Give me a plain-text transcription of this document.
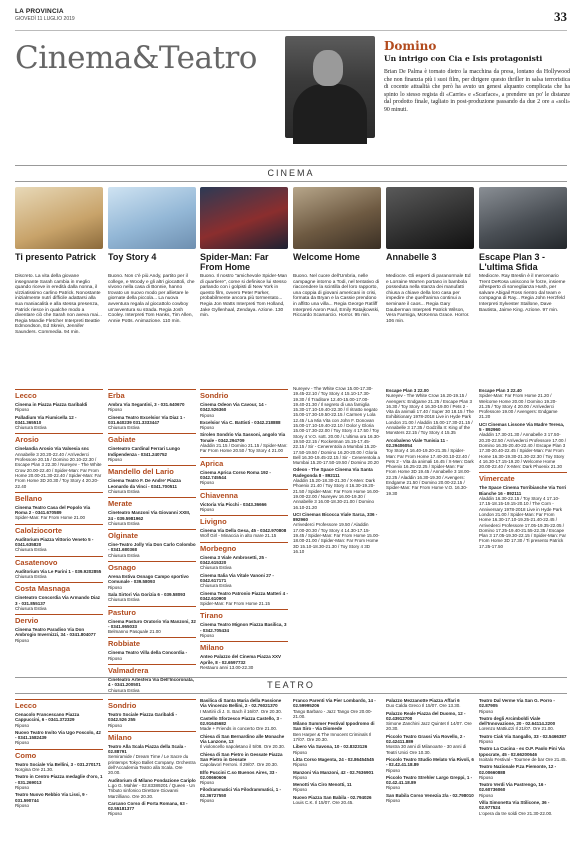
LA PROVINCIA
GIOVEDÌ 11 LUGLIO 2019	33
Cinema&Teatro	Domino
Un intrigo con Cia e Isis protagonisti
Brian De Palma è tornato dietro la macchina da presa, lontano da Hollywood che non finanzia più i suoi film, per dirigere questo thriller in salsa terroristica di cocente attualità che però ha avuto un genesi alquanto complicata che ha spinto lo stesso regista di «Carrie» e «Scarface», a prendere un po' le distanze dal prodotto finale, tagliato in post-produzione passando da due 2 ore a «soli» 90 minuti.
CINEMA
Ti presento Patrick
Discreto. La vita della giovane insegnante Sarah cambia in meglio quando riceve in eredità dalla nonna, il vizziatissimo carlino Patrick. Nonostante inizialmente nutrì difficile adattarsi alla sua maniacalità e alla stessa presenza, Patrick riesce in qualche modo a diventare ciò che Sarah non aveva mai... Regia Mandie Fletcher Interpreti Beattie Edmondson, Ed Skrein, Jennifer Saunders. Commedia. 94 min.
Toy Story 4
Buono. Non c'è più Andy, partito per il college, e Woody e gli altri giocattoli, che vivono nella casa di Bonnie, hanno trovato un nuovo modo per allietare le giornate della piccola... La nuova avventura regala al giocattolo cowboy un'avventura su strada. Regia Josh Cooley. Interpreti Tom Hanks, Tim Allen, Annie Potts. Animazione. 110 min.
Spider-Man: Far From Home
Buono. Il nostro "amichevole Spider-Man di quartiere", come si definisce lui stesso parlando con i golpisti di New York in questo film, ovvero Peter Parker, probabilmente ancora più tormentato... Regia Jon Watts Interpreti Tom Holland, Jake Gyllenhaal, Zendaya. Azione. 130 min.
Welcome Home
Buono. Nel cuore dell'Umbria, nelle campagne intorno a Todi, nel tentativo di riaccendere la scintilla del loro rapporto, una coppia di giovani americani in crisi, formata da Bryan e la Cassie prendono in affitto una villa... Regia George Ratliff Interpreti Aaron Paul, Emily Ratajkowski, Riccardo Scamarcio. Horror. 95 min.
Annabelle 3
Mediocre. Gli esperti di paranormale Ed e Lorraine Warren portano in bambola posseduta nella stanza dei manufatti chiusa a chiave della loro casa per impedire che quell'anima continui a seminare il caos... Regia Gary Dauberman Interpreti Patrick Wilson, Vera Farmiga, McKenna Grace. Horror. 106 min.
Escape Plan 3 - L'ultima Sfida
Mediocre. Ray Breslin è il mercenario Trent DeRosa uniscono le forze, insieme all'esperto di sorveglianza Hush, per salvare Abigail Ross rientro dal team e compagna di Ray... Regia John Herzfeld Interpreti Sylvester Stallone, Dave Bautista, Jaime King. Azione. 97 min.
Lecco

Cinema in Piazza Piazza Garibaldi

Riposo

Palladium Via Fiumicella 12 - 0341.365510

Chiusura Estiva

Arosio

Cinelandia Arosio Via Valsesia snc

Annabelle 3 20.20-22.40 / Arrivederci Professore 20.15 / Domino 20.10-22.30 / Escape Plan 3 22.30 / Nureyev - The White Crow 20.00-22.40 / Spider-Man: Far From Home 20.00-21.30-22.40 / Spider-Man: Far From Home 3D 20.30 / Toy Story 4 20.20-22.40

Bellano

Cinema Teatro Casa del Popolo Via Roma 2 - 0341.670589

Spider-Man: Far From Home 21.00

Calolziocorte

Auditorium Piazza Vittorio Veneto 5 - 0341.635820

Chiusura Estiva

Casatenovo

Auditorium Via Le Parini 1 - 039.9202855

Chiusura Estiva

Costa Masnaga

Cineteatro Concordia Via Armando Diaz 3 - 031.855137

Chiusura Estiva

Dervio

Cinema Teatro Paradiso Via Don Ambrogio Invernizzi, 34 - 0341.804077

Riposo

Erba

Ambra Via Segantini, 3 - 031.640670

Riposo

Cinema Teatro Excelsior Via Diaz 1 - 031.640239 031.3333447

Chiusura Estiva

Gabiate

Cineteatro Cardinal Ferrari Lungo Indipendenza - 0341.240752

Riposo

Mandello del Lario

Cinema Teatro F. De Andre' Piazza Leonardo da Vinci - 0341.700511

Chiusura Estiva

Merate

Cineteatro Manzoni Via Giovanni XXIII, 24 - 039.5981962

Chiusura Estiva

Olginate

Cine-Teatro Jolly Via Don Carlo Colombo - 0341.680368

Chiusura Estiva

Osnago

Arena Estiva Osnago Campo sportivo Comunale - 039.58093

Riposo

Sala Sirtori Via Gorizia 6 - 039.58093

Chiusura Estiva

Pasturo

Cinema Pasturo Oratorio Via Manzoni, 32 - 0341.955033

Belmanno Pasquale 21.00

Robbiate

Cinema Teatro Villa della Concordia -

Riposo

Valmadrera

Cineteatro Artesfera Via Dell'Incoronata, 4 - 0341.200501

Chiusura Estiva

Sondrio

Cinema Odeon Via Cavour, 14 - 0342.526360

Riposo

Excelsior Via C. Battisti - 0342.218888

Riposo

Sirolen Sondrio Via Sassoni, angolo Via Tonale - 0342.294709

Aladdin 21.15 / Domino 21.15 / Spider-Man: Far From Home 20.50 / Toy Story 4 21.00

Aprica

Cinema Aprica Corso Roma 192 - 0342.745544

Riposo

Chiavenna

Victoria Via Picchi - 0343.36666

Riposo

Livigno

Cinema Via Della Gesa, 45 - 0342.970808

Wolf Girl - Minaccia in alto mare 21.15

Morbegno

Cinema 3 Viale Ambrosetti, 25 - 0342.615320

Chiusura Estiva

Cinema Italia Via Vitale Vanoni 27 - 0342.617171

Chiusura Estiva

Cinema Teatro Patronio Piazza Matteri 4 - 0342.610900

Spider-Man: Far From Home 21.15

Tirano

Cinema Teatro Mignon Piazza Basilica, 3 - 0342.705434

Riposo

Milano

Anteo Palazzo del Cinema Piazza XXV Aprile, 8 - 02.6597732

Restauro anni 13.00-22.30

Nureyev - The White Crow 15.00-17.30-19.45-22.10 / Toy Story 4 15.10-17.30-19.30 / Il Traditore 12.40-15.00-17.00-19.40-21.30 / Il segreto di una famiglia 15.30-17.10-19.40-22.30 / Il ritratto negato 15.00-17.30-19.50-22.15 / Carmen y Lola 12.45 / La Mia Vita con John F. Donovan 15.00-17.10-19.40-22.10 / Dolor y Gloria 15.00-17.30-22.00 / Toy Story 4 17.50 / Toy Story 4 V.O. sott. 20.00 / L'ultima ora 16.30-19.50-22.15 / Rocketman 15.15-17.45-22.15 / Sir - Cenerentola a Mumbai 15.20-17.50-19.50 / Domino 16.20-20.00 / Gloria Bell 16.30-19.45-22.15 / Sir - Cenerentola a Mumbai 15.20-17.50-19.50 / Domino 20.20

Odeon - The Space Cinema Via Santa Radegonda 8 - 892111

Aladdin 15.20-18.30-21.30 / X-Men: Dark Phoenix 21.40 / Toy Story 4 16.30-19.20-21.50 / Spider-Man: Far From Home 16.00-19.00-22.00 / Nureyev 16.00-19.30 / Annabelle 3 16.00-18.30-21.00 / Domino 16.10-21.20

UCI Cinemas Bicocca Viale Sarca, 336 - 892960

Arrivederci Professore 19.50 / Aladdin 17.00-20.30 / Toy Story 4 14.30-17.15-19.45 / Spider-Man: Far From Home 15.00-18.00-21.00 / Spider-Man: Far From Home 3D 15.10-18.30-21.30 / Toy Story 4 3D 16.10

Escape Plan 3 22.00

Nureyev - The White Crow 16.20-19.15 / Avengers: Endgame 21.25 / Escape Plan 3 16.30 / Toy Story 4 16.30-19.00 / Pets 2 - Vita da animali 17.40 / Super 30 18.15 / The Exhibitionary 1978-2018 Live in Hyde Park London 21.00 / Aladdin 15.00-17.30-21.15 / Annabelle 3 17.35 / Godzilla II: King of the Monsters 22.15 / Toy Story 4 15.35

Arcobaleno Viale Tunisia 11 - 02.29406054

Toy Story 4 16.40-19.20-21.35 / Spider-Man: Far From Home 17.40-20.10-22.40 / Pets 2 - Vita da animali 16.45 / X-Men: Dark Phoenix 16.25-22.25 / Spider-Man: Far From Home 3D 19.45 / Annabelle 3 18.00-22.25 / Aladdin 16.30-19.30 / Avengers: Endgame 21.50 / Domino 20.00-22.15 / Spider-Man: Far From Home V.O. 16.30-19.30

Escape Plan 3 22.40

Spider-Man: Far From Home 21.20 / Welcome Home 20.00 / Domino 19.20-21.25 / Toy Story 4 20.00 / Arrivederci Professore 19.00 / Avengers: Endgame 21.20

UCI Cinemas Lissone Via Madre Teresa, 5 - 892960

Aladdin 17.30-21.30 / Annabelle 3 17.50-20.20-22.50 / Arrivederci Professore 17.00 / Domino 16.35-20.40-22.40 / Escape Plan 3 17.30-20.40-22.45 / Spider-Man: Far From Home 16.30-19.30-21.30-22.30 / Toy Story 4 16.30-17.15-19.20 / Welcome Home 20.00-22.40 / X-Men: Dark Phoenix 21.30

Vimercate

The Space Cinema Torribianche Via Torri Bianche 16 - 892111

Aladdin 16.30-22.15 / Toy Story 4 17.10-17.15-18.15-19.15-20.10 / The Corn - Anniversary 1978-2018 Live in Hyde Park London 21.00 / Spider-Man: Far From Home 16.30-17.10-19.25-21.40-22.45 / Arrivederci Professore 17.05-19.35-22.05 / Domino 17.25-19.40-21.55-22.35 / Escape Plan 3 17.05-19.30-22.15 / Spider-Man: Far From Home 3D 17.30 / Ti presento Patrick 17.25-17.50

TEATRO
Lecco

Cenacolo Francescano Piazza Cappuccini, 6 - 0341.372329

Riposo

Nuovo Teatro Invito Via Ugo Foscolo, 42 - 0341.1582439

Riposo

Como

Teatro Sociale Via Bellini, 3 - 031.270171

Norgina Ore 21.30.

Teatro in Centro Piazza medaglie d'oro, 1 - 031.269013

Riposo

Teatro Nuovo Rebbio Via Lissi, 9 - 031.590744

Riposo

Sondrio

Teatro Sociale Piazza Garibaldi - 0342.526 255

Riposo

Milano

Teatro Alla Scala Piazza della Scala - 02.88791

Semiramide / Dream Time / Le Sacre du printemps Tokyo Ballet Company. Orchestra dell'Accademia Teatro alla Scala. Ore 20.00.

Auditorium di Milano Fondazione Cariplo

L.go G. Mahler - 02.83389201 / Queen - Un Tributo sinfonico Direttore Giovanni Marzilliano. Ore 20.30.

Carcano Corso di Porta Romana, 63 - 02.55181377

Riposo

Basilica di Santa Maria della Passione Via Vincenzo Bellini, 2 - 02.76021370

I Martirii di J. S. Bach il 16/07. Ore 20.30.

Castello Sforzesco Piazza Castello, 3 - 02.91645682

Made + Friends in concerto Ore 21.00.

Chiesa di San Bernardino alle Monache Via Lanzone, 13

Il violoncello napoletano il 5/08. Ore 20.30.

Chiesa di San Pietro in Gessate Piazza San Pietro in Gessate

Capolavori Ferroni. Il 29/07. Ore 20.30.

Elfo Puccini C.so Buenos Aires, 33 - 02.00660606

Riposo

Filodrammatici Via Filodrammatici, 1 - 02.36727550

Riposo

Franco Parenti Via Pier Lombardo, 14 - 02.59995206

Tango Barbaro - Jazz Tango Ore 20.00-21.00.

Milano Summer Festival Ippodromo di San Siro - Via Diomede

Ben Harper & The Innocent Criminals Il 17/07. Ore 20.30.

Libero Via Savona, 10 - 02.8323126

Riposo

Litta Corso Magenta, 24 - 02.86454545

Riposo

Manzoni Via Manzoni, 42 - 02.7636901

Riposo

Menotti Via Ciro Menotti, 11

Riposo

Nuovo Piazza San Babila - 02.794026

Louis C.K. Il 15/07. Ore 20.45.

Palazzo Mezzanotte Piazza Affari 6

Duo Calda Greco Il 15/07. Ore 13.30.

Palazzo Reale Piazza del Duomo, 12 - 02.43912700

Simone Zanchini Jazz Quintet Il 14/07. Ore 20.30.

Piccolo Teatro Grassi Via Rovello, 2 - 02.42411.889

Mostra 30 anni di Milanoarte - 30 anni di Teatri Unici Ore 10.30.

Piccolo Teatro Studio Melato Via Rivoli, 6 - 02.42.41.18.89

Riposo

Piccolo Teatro Strehler Largo Greppi, 1 - 02.42.41.18.89

Riposo

San Babila Corso Venezia 2/a - 02.798010

Riposo

Teatro Dal Verme Via San G. Porro - 02.87905

Riposo

Teatro degli Arcimboldi Viale dell'Innovazione, 20 - 02.64114.2200

Lorenzo Mattiuzzi Il 21/07. Ore 21.00.

Teatro Ciak Via Sangallo, 33 - 02.5466387

Riposo

Teatro La Cucina - ex O.P. Paolo Pini Via Ippocrate, 45 - 02.66200646

Isoitalo Festival - Tournee de bar Ore 21.45.

Teatro Nazionale P.za Piemonte, 12 - 02.00660888

Riposo

Teatro Verdi Via Pastrengo, 16 - 02.60736060

Riposo

Villa Simonetta Via Stilicone, 36 - 02.977524

L'opera da tre soldi Ore 21.30-22.00.
